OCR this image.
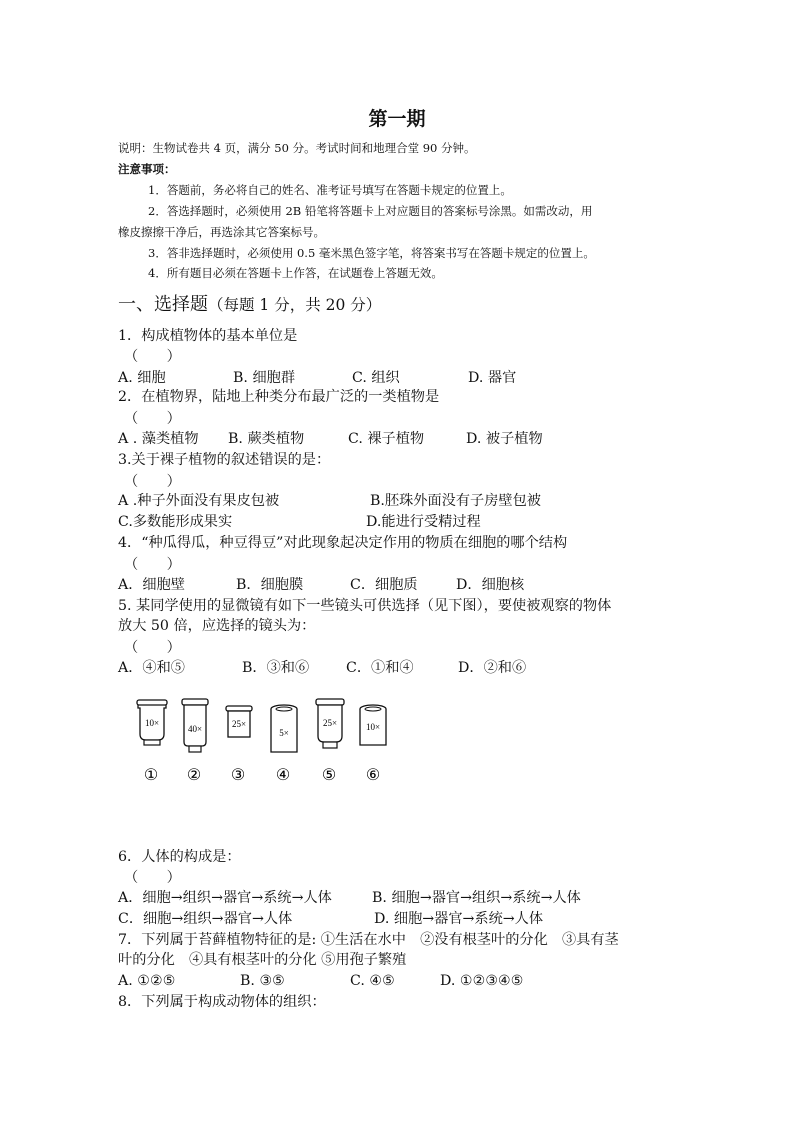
第一期
说明：生物试卷共 4 页，满分 50 分。考试时间和地理合堂 90 分钟。
注意事项：
1．答题前，务必将自己的姓名、准考证号填写在答题卡规定的位置上。
2．答选择题时，必须使用 2B 铅笔将答题卡上对应题目的答案标号涂黑。如需改动，用
橡皮擦擦干净后，再选涂其它答案标号。
3．答非选择题时，必须使用 0.5 毫米黑色签字笔，将答案书写在答题卡规定的位置上。
4．所有题目必须在答题卡上作答，在试题卷上答题无效。
一、选择题（每题 1 分，共 20 分）
1．构成植物体的基本单位是
（　　）
A. 细胞	B. 细胞群	C. 组织	D. 器官
2．在植物界，陆地上种类分布最广泛的一类植物是
（　　）
A . 藻类植物 B. 蕨类植物	C. 裸子植物	D. 被子植物
3.关于裸子植物的叙述错误的是：
（　　）
A .种子外面没有果皮包被	B.胚珠外面没有子房壁包被
C.多数能形成果实	D.能进行受精过程
4．“种瓜得瓜，种豆得豆”对此现象起决定作用的物质在细胞的哪个结构
（　　）
A．细胞壁	B．细胞膜	C．细胞质	D．细胞核
5. 某同学使用的显微镜有如下一些镜头可供选择（见下图），要使被观察的物体
放大 50 倍，应选择的镜头为：
（　　）
A．④和⑤	B．③和⑥	C．①和④	D．②和⑥
10×
①
40×
②
25×
③
5×
④
25×
⑤
10×
⑥
6．人体的构成是：
（　　）
A．细胞→组织→器官→系统→人体	B. 细胞→器官→组织→系统→人体
C．细胞→组织→器官→人体	D. 细胞→器官→系统→人体
7．下列属于苔藓植物特征的是: ①生活在水中　②没有根茎叶的分化　③具有茎
叶的分化　④具有根茎叶的分化 ⑤用孢子繁殖
A. ①②⑤	B. ③⑤	C. ④⑤	D. ①②③④⑤
8．下列属于构成动物体的组织：
